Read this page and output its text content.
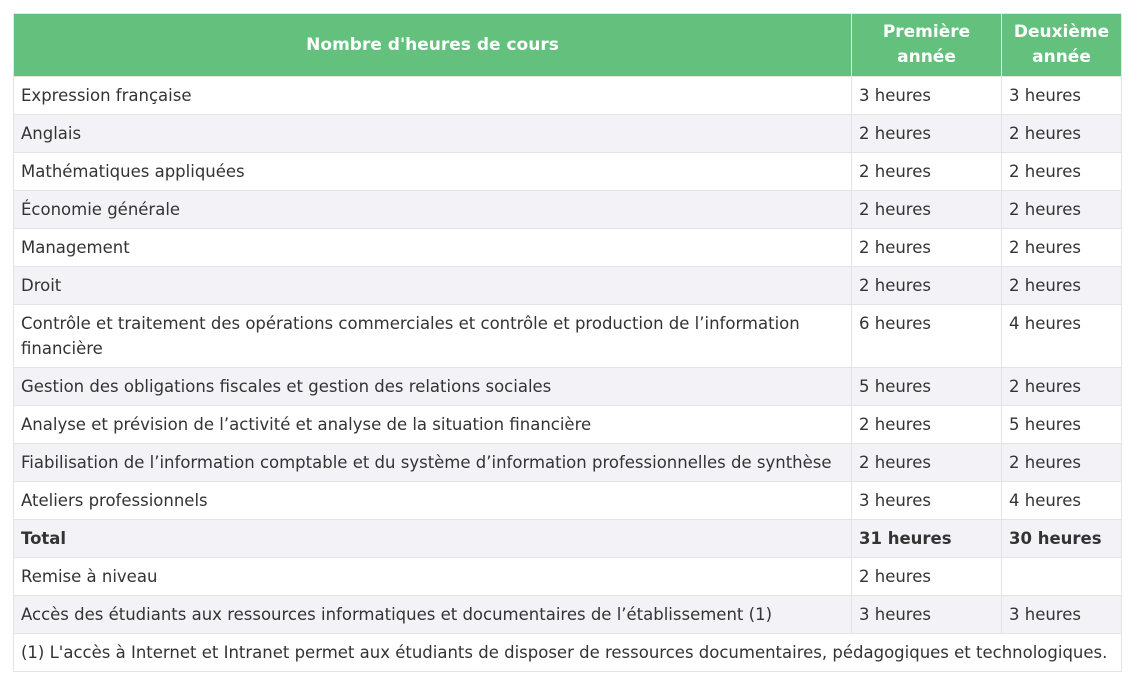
Nombre d'heures de cours	Première année	Deuxième année
Expression française	3 heures	3 heures
Anglais	2 heures	2 heures
Mathématiques appliquées	2 heures	2 heures
Économie générale	2 heures	2 heures
Management	2 heures	2 heures
Droit	2 heures	2 heures
Contrôle et traitement des opérations commerciales et contrôle et production de l’information financière	6 heures	4 heures
Gestion des obligations fiscales et gestion des relations sociales	5 heures	2 heures
Analyse et prévision de l’activité et analyse de la situation financière	2 heures	5 heures
Fiabilisation de l’information comptable et du système d’information professionnelles de synthèse	2 heures	2 heures
Ateliers professionnels	3 heures	4 heures
Total	31 heures	30 heures
Remise à niveau	2 heures	
Accès des étudiants aux ressources informatiques et documentaires de l’établissement (1)	3 heures	3 heures
(1) L'accès à Internet et Intranet permet aux étudiants de disposer de ressources documentaires, pédagogiques et technologiques.		
